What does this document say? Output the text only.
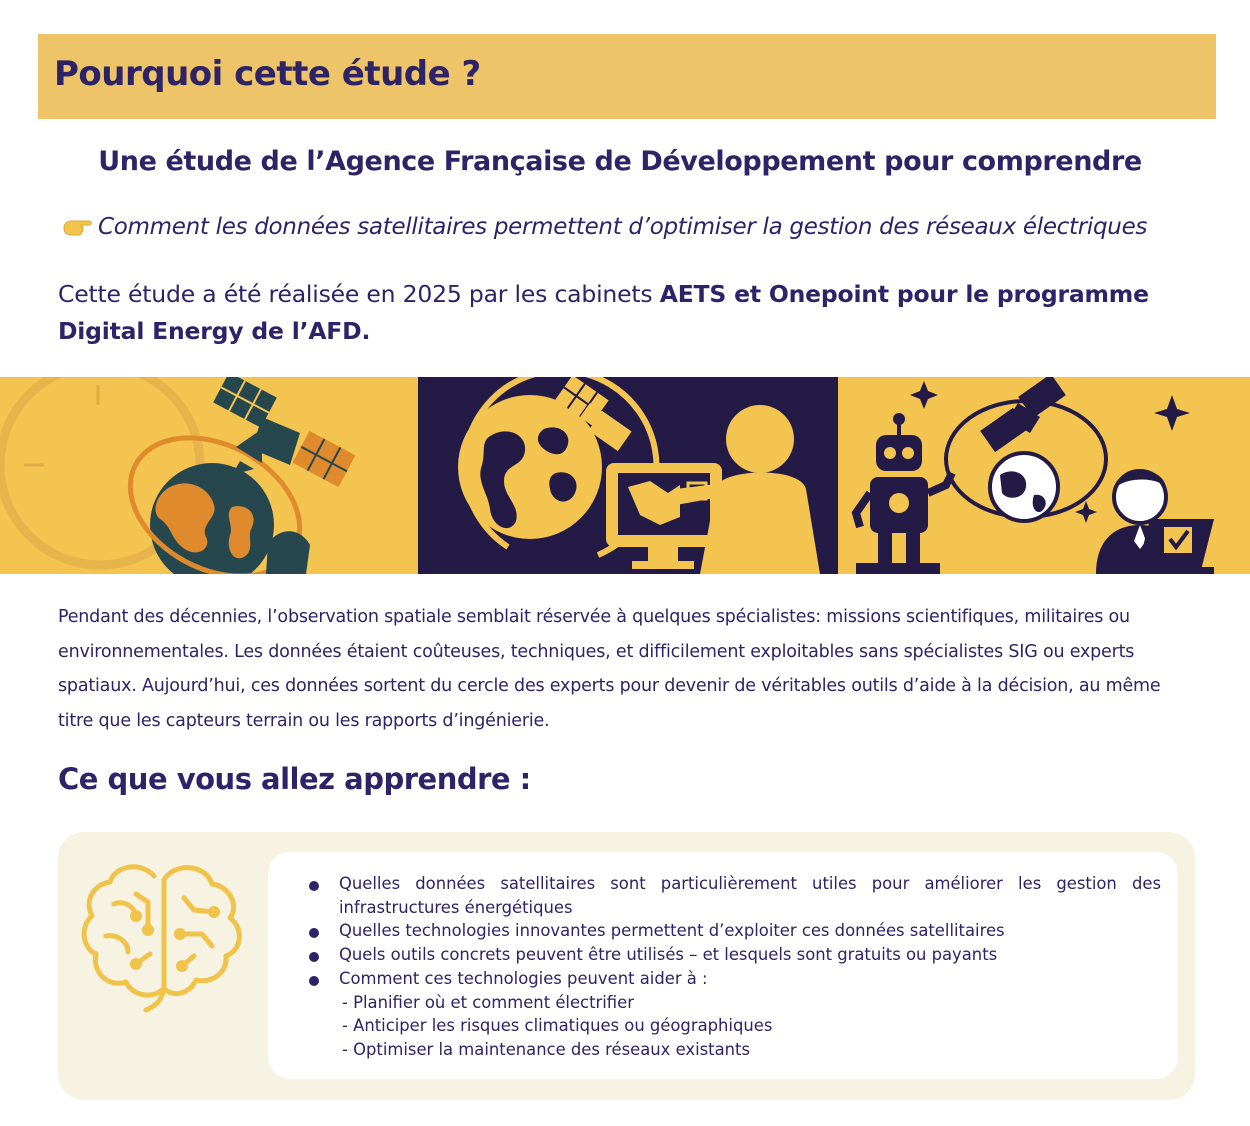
Pourquoi cette étude ?
Une étude de l’Agence Française de Développement pour comprendre
Comment les données satellitaires permettent d’optimiser la gestion des réseaux électriques
Cette étude a été réalisée en 2025 par les cabinets AETS et Onepoint pour le programme Digital Energy de l’AFD.
Pendant des décennies, l’observation spatiale semblait réservée à quelques spécialistes: missions scientifiques, militaires ou environnementales. Les données étaient coûteuses, techniques, et difficilement exploitables sans spécialistes SIG ou experts spatiaux. Aujourd’hui, ces données sortent du cercle des experts pour devenir de véritables outils d’aide à la décision, au même titre que les capteurs terrain ou les rapports d’ingénierie.
Ce que vous allez apprendre :
Quelles données satellitaires sont particulièrement utiles pour améliorer les gestion des infrastructures énergétiques
Quelles technologies innovantes permettent d’exploiter ces données satellitaires
Quels outils concrets peuvent être utilisés – et lesquels sont gratuits ou payants
Comment ces technologies peuvent aider à :
- Planifier où et comment électrifier
- Anticiper les risques climatiques ou géographiques
- Optimiser la maintenance des réseaux existants
